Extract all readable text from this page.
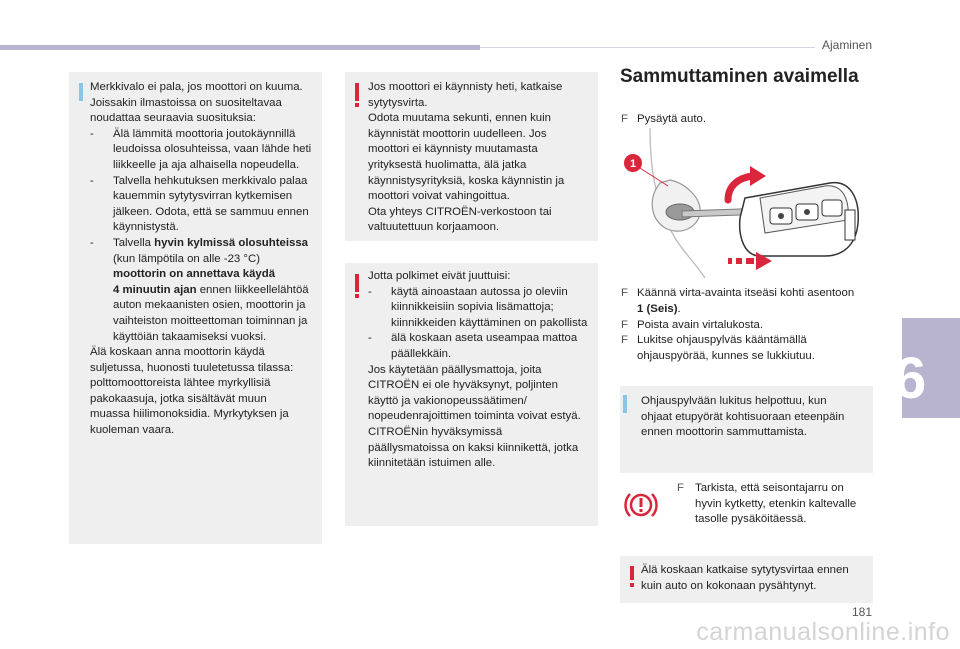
Ajaminen
Merkkivalo ei pala, jos moottori on kuuma.
Joissakin ilmastoissa on suositeltavaa
noudattaa seuraavia suosituksia:
- Älä lämmitä moottoria joutokäynnillä
leudoissa olosuhteissa, vaan lähde heti
liikkeelle ja aja alhaisella nopeudella.
- Talvella hehkutuksen merkkivalo palaa
kauemmin sytytysvirran kytkemisen
jälkeen. Odota, että se sammuu ennen
käynnistystä.
- Talvella hyvin kylmissä olosuhteissa
(kun lämpötila on alle -23 °C)
moottorin on annettava käydä
4 minuutin ajan ennen liikkeellelähtöä
auton mekaanisten osien, moottorin ja
vaihteiston moitteettoman toiminnan ja
käyttöiän takaamiseksi vuoksi.
Älä koskaan anna moottorin käydä
suljetussa, huonosti tuuletetussa tilassa:
polttomoottoreista lähtee myrkyllisiä
pakokaasuja, jotka sisältävät muun
muassa hiilimonoksidia. Myrkytyksen ja
kuoleman vaara.
Jos moottori ei käynnisty heti, katkaise
sytytysvirta.
Odota muutama sekunti, ennen kuin
käynnistät moottorin uudelleen. Jos
moottori ei käynnisty muutamasta
yrityksestä huolimatta, älä jatka
käynnistysyrityksiä, koska käynnistin ja
moottori voivat vahingoittua.
Ota yhteys CITROËN-verkostoon tai
valtuutettuun korjaamoon.
Jotta polkimet eivät juuttuisi:
- käytä ainoastaan autossa jo oleviin
kiinnikkeisiin sopivia lisämattoja;
kiinnikkeiden käyttäminen on pakollista
- älä koskaan aseta useampaa mattoa
päällekkäin.
Jos käytetään päällysmattoja, joita
CITROËN ei ole hyväksynyt, poljinten
käyttö ja vakionopeussäätimen/
nopeudenrajoittimen toiminta voivat estyä.
CITROËNin hyväksymissä
päällysmatoissa on kaksi kiinnikettä, jotka
kiinnitetään istuimen alle.
Sammuttaminen avaimella
F Pysäytä auto.
1
F Käännä virta-avainta itseäsi kohti asentoon
1 (Seis).
F Poista avain virtalukosta.
F Lukitse ohjauspylväs kääntämällä
ohjauspyörää, kunnes se lukkiutuu.
Ohjauspylvään lukitus helpottuu, kun
ohjaat etupyörät kohtisuoraan eteenpäin
ennen moottorin sammuttamista.
F Tarkista, että seisontajarru on
hyvin kytketty, etenkin kaltevalle
tasolle pysäköitäessä.
Älä koskaan katkaise sytytysvirtaa ennen
kuin auto on kokonaan pysähtynyt.
6
181
carmanualsonline.info
